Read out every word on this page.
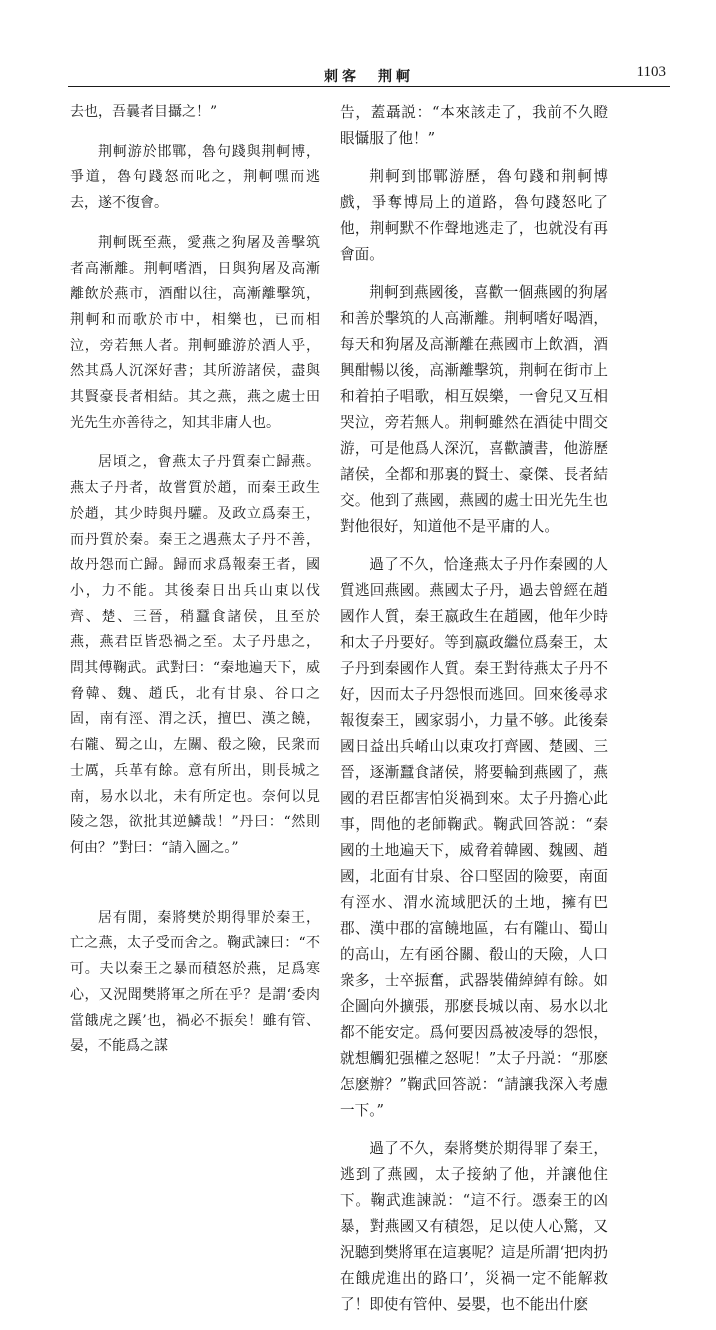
刺客　荆軻	1103

去也，吾曩者目攝之！”

荆軻游於邯鄲，魯句踐與荆軻博，爭道，魯句踐怒而叱之，荆軻嘿而逃去，遂不復會。

荆軻既至燕，愛燕之狗屠及善擊筑者高漸離。荆軻嗜酒，日與狗屠及高漸離飲於燕市，酒酣以往，高漸離擊筑，荆軻和而歌於市中，相樂也，已而相泣，旁若無人者。荆軻雖游於酒人乎，然其爲人沉深好書；其所游諸侯，盡與其賢豪長者相結。其之燕，燕之處士田光先生亦善待之，知其非庸人也。

居頃之，會燕太子丹質秦亡歸燕。燕太子丹者，故嘗質於趙，而秦王政生於趙，其少時與丹驩。及政立爲秦王，而丹質於秦。秦王之遇燕太子丹不善，故丹怨而亡歸。歸而求爲報秦王者，國小，力不能。其後秦日出兵山東以伐齊、楚、三晉，稍蠶食諸侯，且至於燕，燕君臣皆恐禍之至。太子丹患之，問其傅鞠武。武對曰：“秦地遍天下，威脅韓、魏、趙氏，北有甘泉、谷口之固，南有涇、渭之沃，擅巴、漢之饒，右隴、蜀之山，左關、殽之險，民衆而士厲，兵革有餘。意有所出，則長城之南，易水以北，未有所定也。奈何以見陵之怨，欲批其逆鱗哉！”丹曰：“然則何由？”對曰：“請入圖之。”

居有閒，秦將樊於期得罪於秦王，亡之燕，太子受而舍之。鞠武諫曰：“不可。夫以秦王之暴而積怒於燕，足爲寒心，又況聞樊將軍之所在乎？是謂‘委肉當餓虎之蹊’也，禍必不振矣！雖有管、晏，不能爲之謀

告，蓋聶説：“本來該走了，我前不久瞪眼懾服了他！”

荆軻到邯鄲游歷，魯句踐和荆軻博戲，爭奪博局上的道路，魯句踐怒叱了他，荆軻默不作聲地逃走了，也就没有再會面。

荆軻到燕國後，喜歡一個燕國的狗屠和善於擊筑的人高漸離。荆軻嗜好喝酒，每天和狗屠及高漸離在燕國市上飲酒，酒興酣暢以後，高漸離擊筑，荆軻在街市上和着拍子唱歌，相互娱樂，一會兒又互相哭泣，旁若無人。荆軻雖然在酒徒中間交游，可是他爲人深沉，喜歡讀書，他游歷諸侯，全都和那裏的賢士、豪傑、長者結交。他到了燕國，燕國的處士田光先生也對他很好，知道他不是平庸的人。

過了不久，恰逢燕太子丹作秦國的人質逃回燕國。燕國太子丹，過去曾經在趙國作人質，秦王嬴政生在趙國，他年少時和太子丹要好。等到嬴政繼位爲秦王，太子丹到秦國作人質。秦王對待燕太子丹不好，因而太子丹怨恨而逃回。回來後尋求報復秦王，國家弱小，力量不够。此後秦國日益出兵崤山以東攻打齊國、楚國、三晉，逐漸蠶食諸侯，將要輪到燕國了，燕國的君臣都害怕災禍到來。太子丹擔心此事，問他的老師鞠武。鞠武回答説：“秦國的土地遍天下，威脅着韓國、魏國、趙國，北面有甘泉、谷口堅固的險要，南面有涇水、渭水流域肥沃的土地，擁有巴郡、漢中郡的富饒地區，右有隴山、蜀山的高山，左有函谷關、殽山的天險，人口衆多，士卒振奮，武器裝備綽綽有餘。如企圖向外擴張，那麽長城以南、易水以北都不能安定。爲何要因爲被凌辱的怨恨，就想觸犯强權之怒呢！”太子丹説：“那麽怎麽辦？”鞠武回答説：“請讓我深入考慮一下。”

過了不久，秦將樊於期得罪了秦王，逃到了燕國，太子接納了他，并讓他住下。鞠武進諫説：“這不行。憑秦王的凶暴，對燕國又有積怨，足以使人心驚，又況聽到樊將軍在這裏呢？這是所謂‘把肉扔在餓虎進出的路口’，災禍一定不能解救了！即使有管仲、晏嬰，也不能出什麽
